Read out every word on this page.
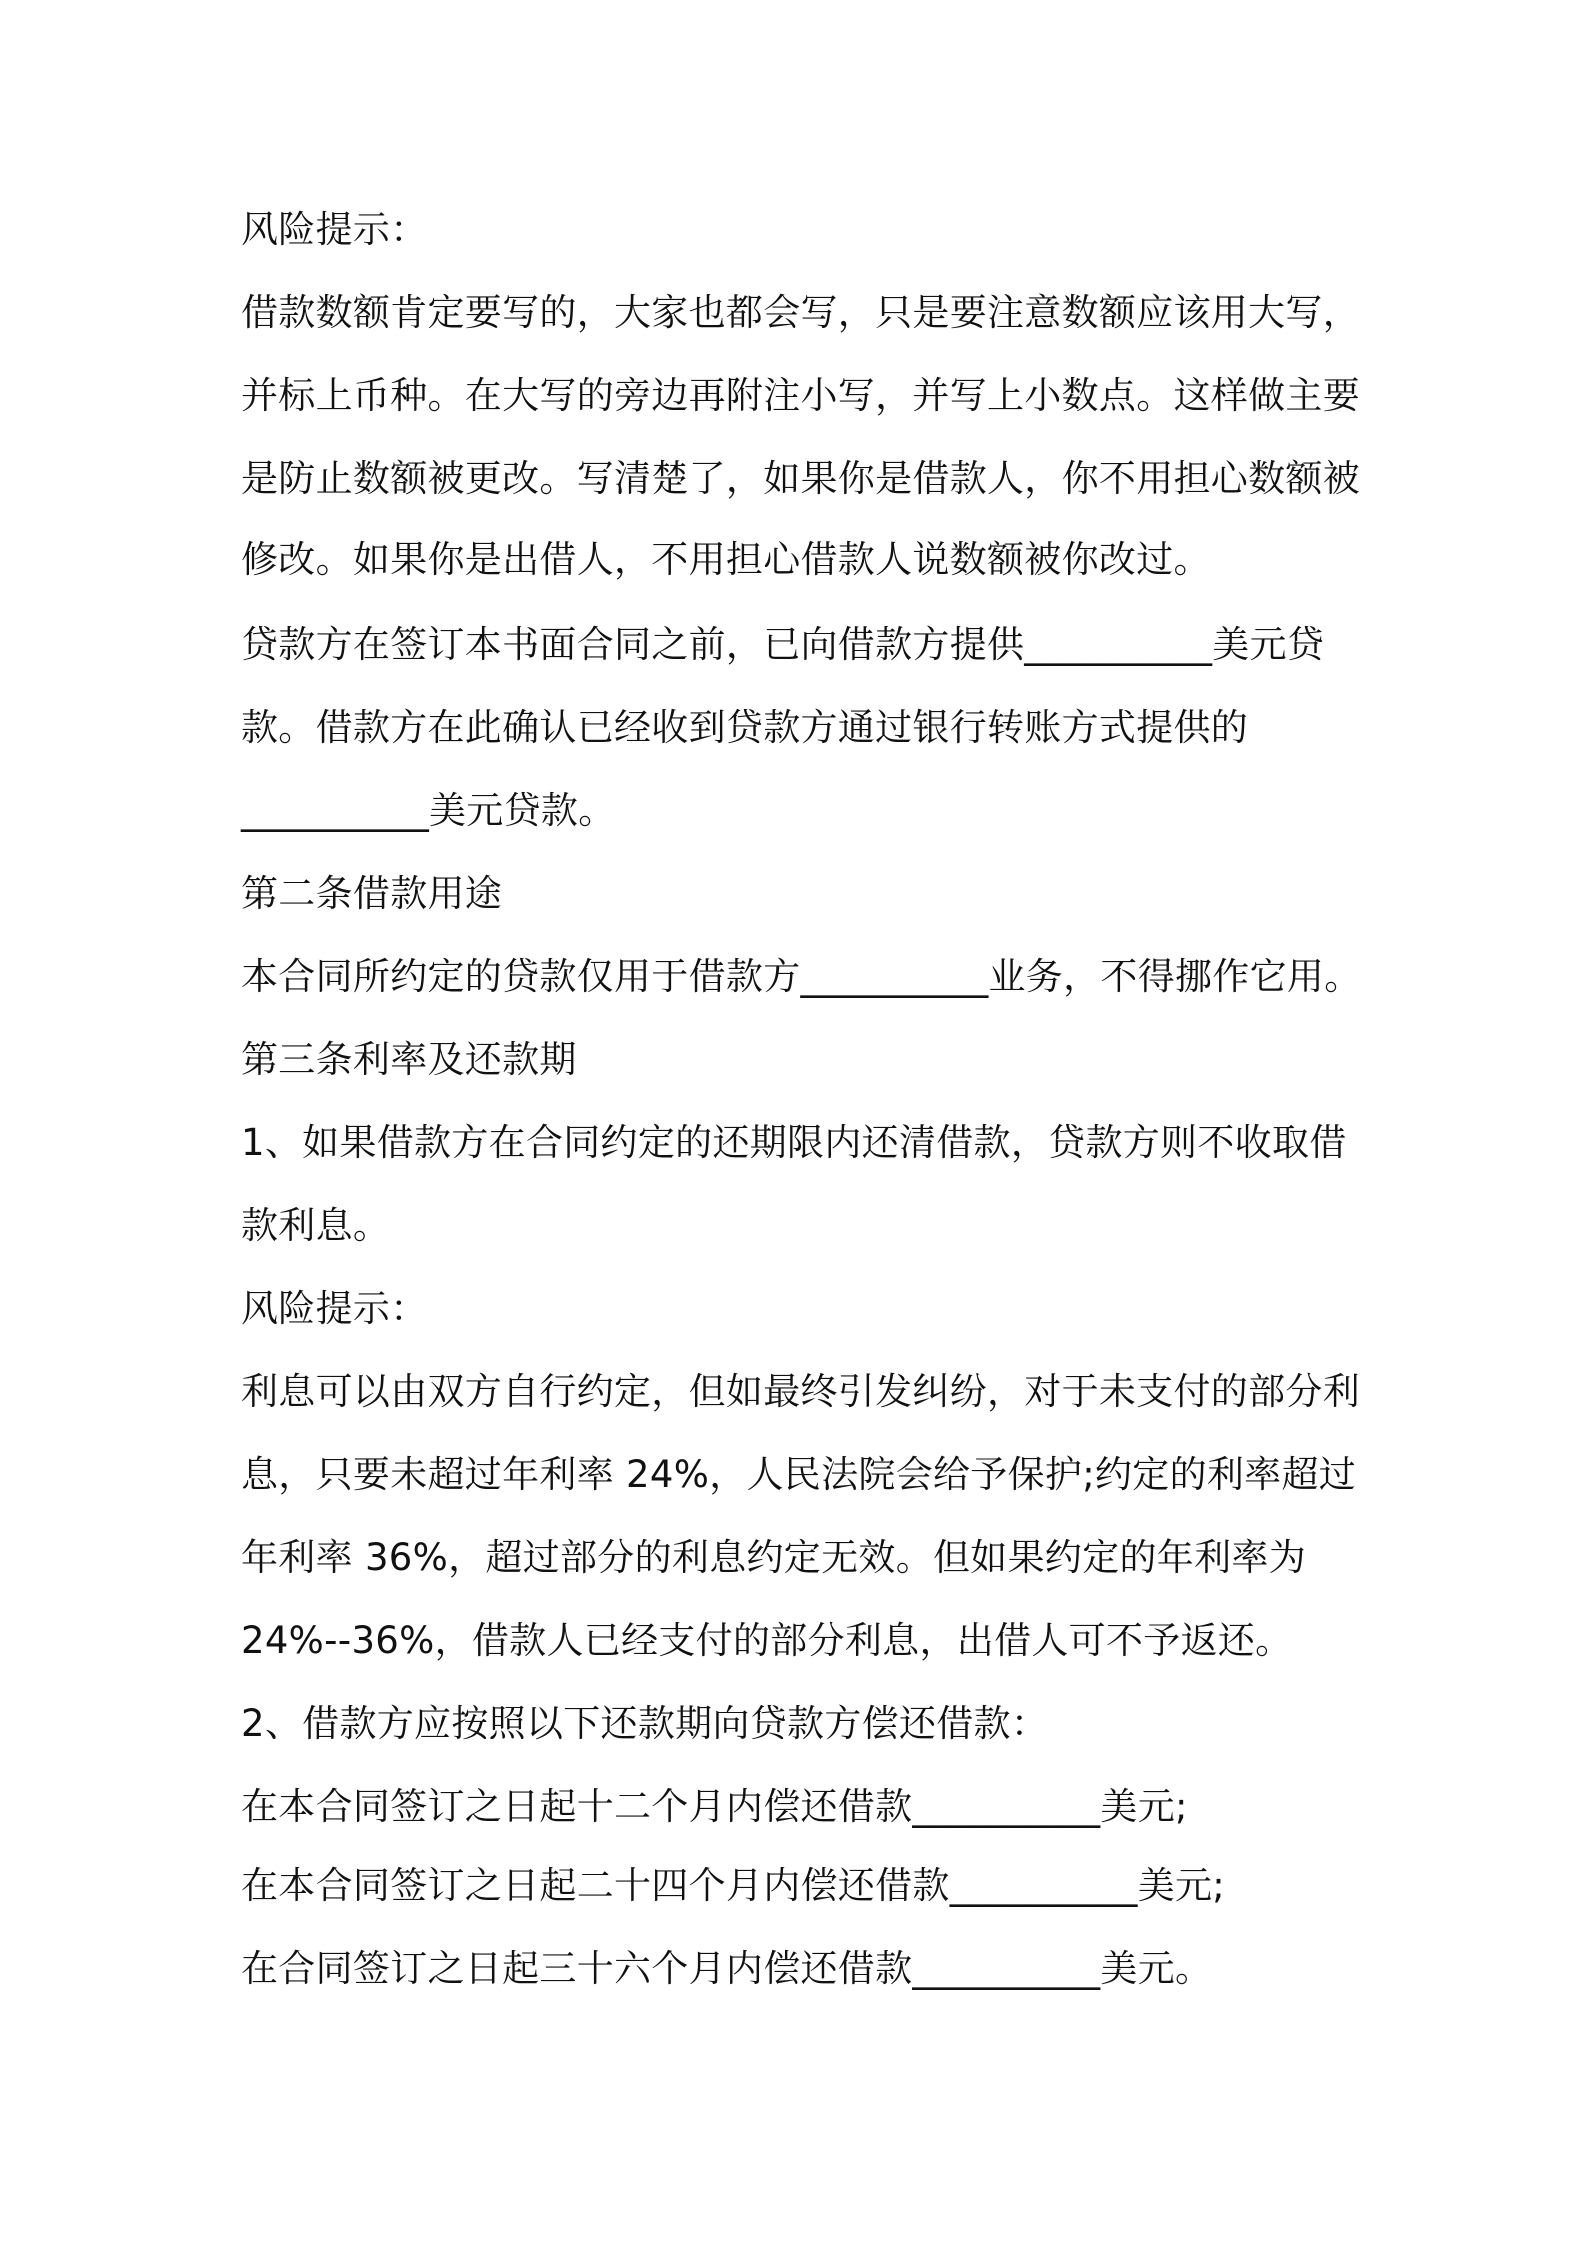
风险提示：

借款数额肯定要写的，大家也都会写，只是要注意数额应该用大写，

并标上币种。在大写的旁边再附注小写，并写上小数点。这样做主要

是防止数额被更改。写清楚了，如果你是借款人，你不用担心数额被

修改。如果你是出借人，不用担心借款人说数额被你改过。

贷款方在签订本书面合同之前，已向借款方提供__________美元贷

款。借款方在此确认已经收到贷款方通过银行转账方式提供的

__________美元贷款。

第二条借款用途

本合同所约定的贷款仅用于借款方__________业务，不得挪作它用。

第三条利率及还款期

1、如果借款方在合同约定的还期限内还清借款，贷款方则不收取借

款利息。

风险提示：

利息可以由双方自行约定，但如最终引发纠纷，对于未支付的部分利

息，只要未超过年利率 24%，人民法院会给予保护;约定的利率超过

年利率 36%，超过部分的利息约定无效。但如果约定的年利率为

24%--36%，借款人已经支付的部分利息，出借人可不予返还。

2、借款方应按照以下还款期向贷款方偿还借款：

在本合同签订之日起十二个月内偿还借款__________美元;

在本合同签订之日起二十四个月内偿还借款__________美元;

在合同签订之日起三十六个月内偿还借款__________美元。
